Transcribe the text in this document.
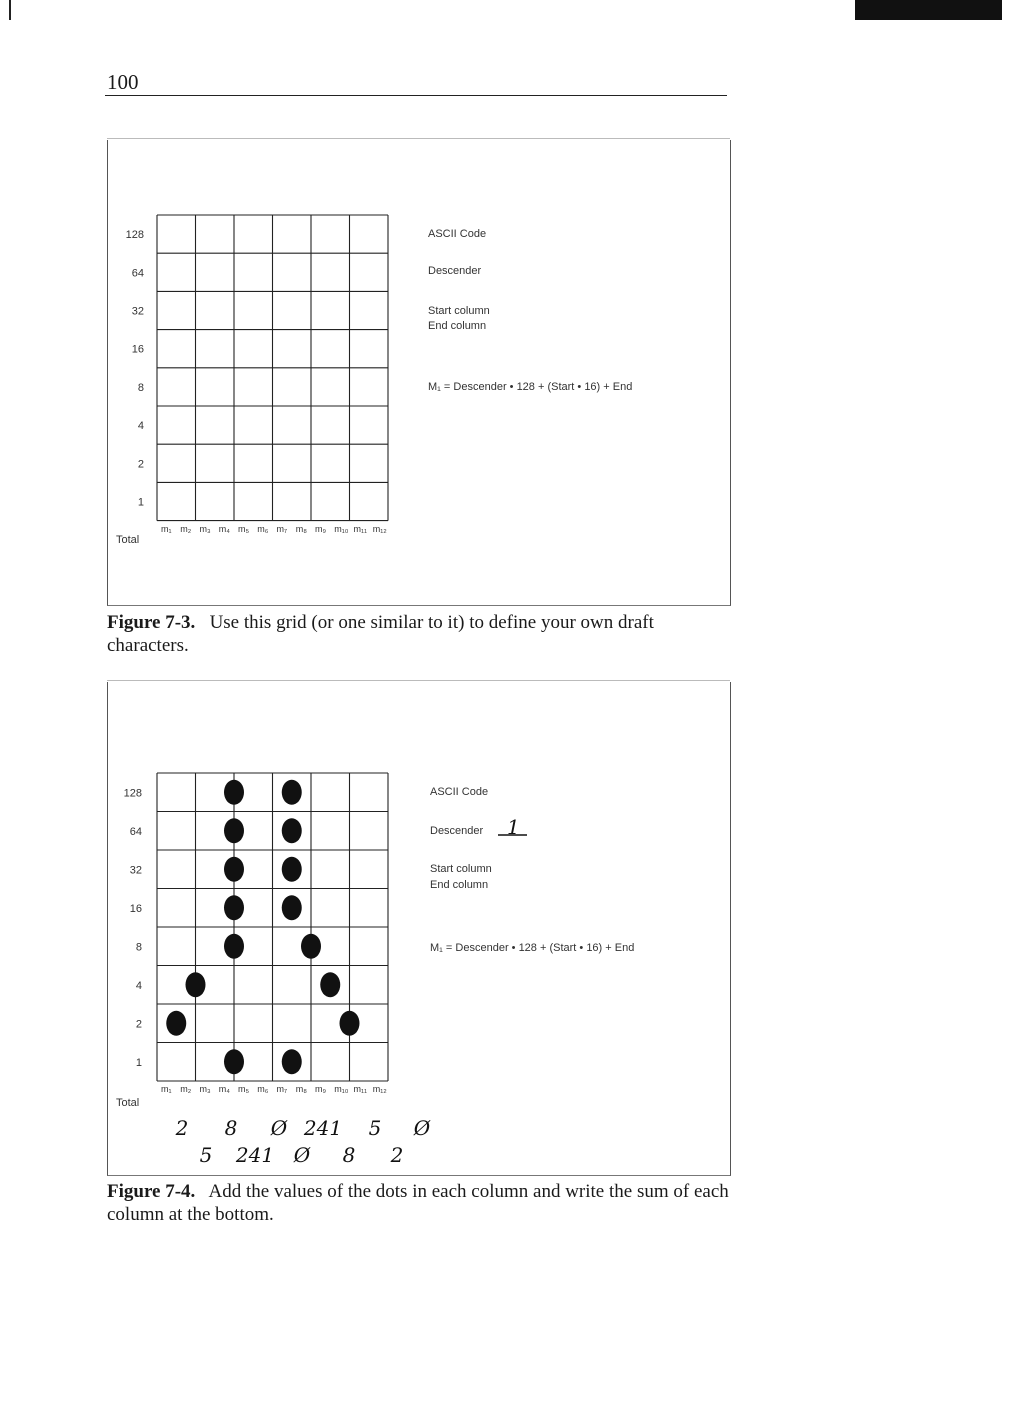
100
128
64
32
16
8
4
2
1
m₁ m₂ m₃ m₄ m₅ m₆ m₇ m₈ m₉ m₁₀ m₁₁ m₁₂
Total
ASCII Code
Descender
Start column
End column
M₁ = Descender • 128 + (Start • 16) + End
128
64
32
16
8
4
2
1
m₁ m₂ m₃ m₄ m₅ m₆ m₇ m₈ m₉ m₁₀ m₁₁ m₁₂
Total
ASCII Code
Descender 1
Start column
End column
M₁ = Descender • 128 + (Start • 16) + End
2 8 Ø 241 5 Ø
5 241 Ø 8 2
Figure 7-3. Use this grid (or one similar to it) to define your own draft characters.
Figure 7-4. Add the values of the dots in each column and write the sum of each column at the bottom.
